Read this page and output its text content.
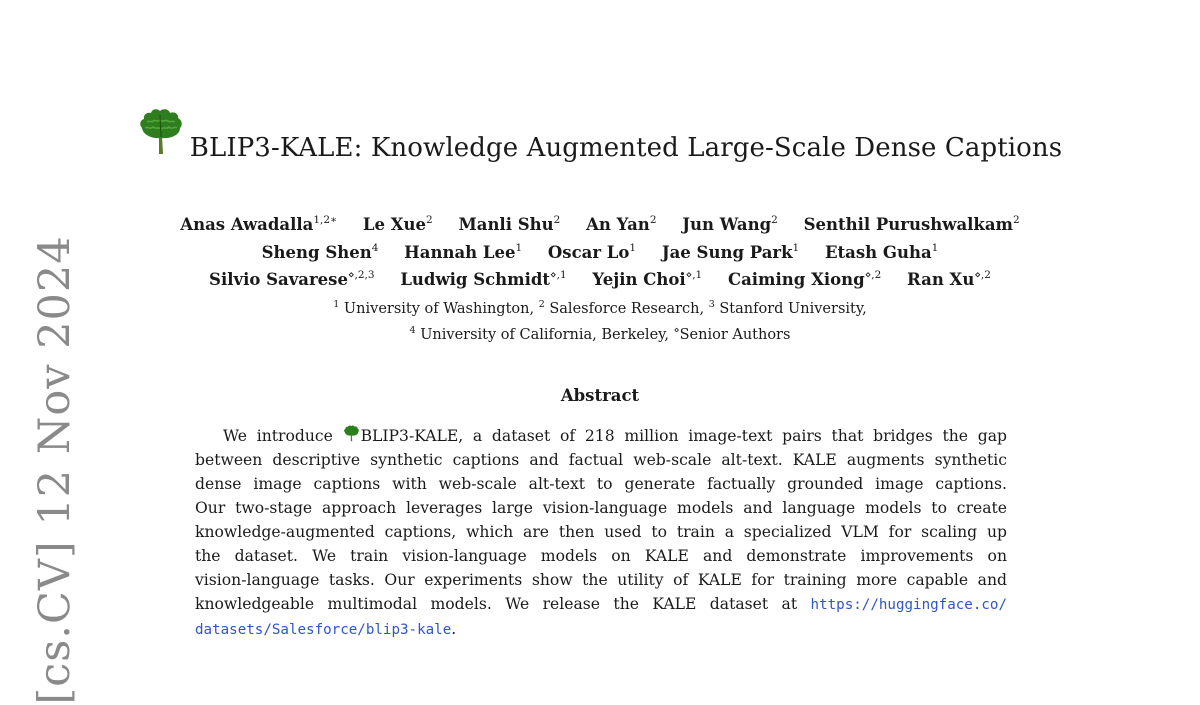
[cs.CV] 12 Nov 2024
BLIP3-KALE: Knowledge Augmented Large-Scale Dense Captions
Anas Awadalla$^{1,2∗}$ Le Xue$^2$ Manli Shu$^2$ An Yan$^2$ Jun Wang$^2$ Senthil Purushwalkam$^2$
Sheng Shen$^4$ Hannah Lee$^1$ Oscar Lo$^1$ Jae Sung Park$^1$ Etash Guha$^1$
Silvio Savarese$^{⋄,2,3}$ Ludwig Schmidt$^{⋄,1}$ Yejin Choi$^{⋄,1}$ Caiming Xiong$^{⋄,2}$ Ran $Xu^{⋄,2}$
$^1$ University of Washington, $^2$ Salesforce Research, $^3$ Stanford University,
$^4$ University of California, Berkeley, ⋄Senior Authors
Abstract
We introduce BLIP3-KALE, a dataset of 218 million image-text pairs that bridges the gap
between descriptive synthetic captions and factual web-scale alt-text. KALE augments synthetic
dense image captions with web-scale alt-text to generate factually grounded image captions.
Our two-stage approach leverages large vision-language models and language models to create
knowledge-augmented captions, which are then used to train a specialized VLM for scaling up
the dataset. We train vision-language models on KALE and demonstrate improvements on
vision-language tasks. Our experiments show the utility of KALE for training more capable and
knowledgeable multimodal models. We release the KALE dataset at https://huggingface.co/
datasets/Salesforce/blip3-kale.
